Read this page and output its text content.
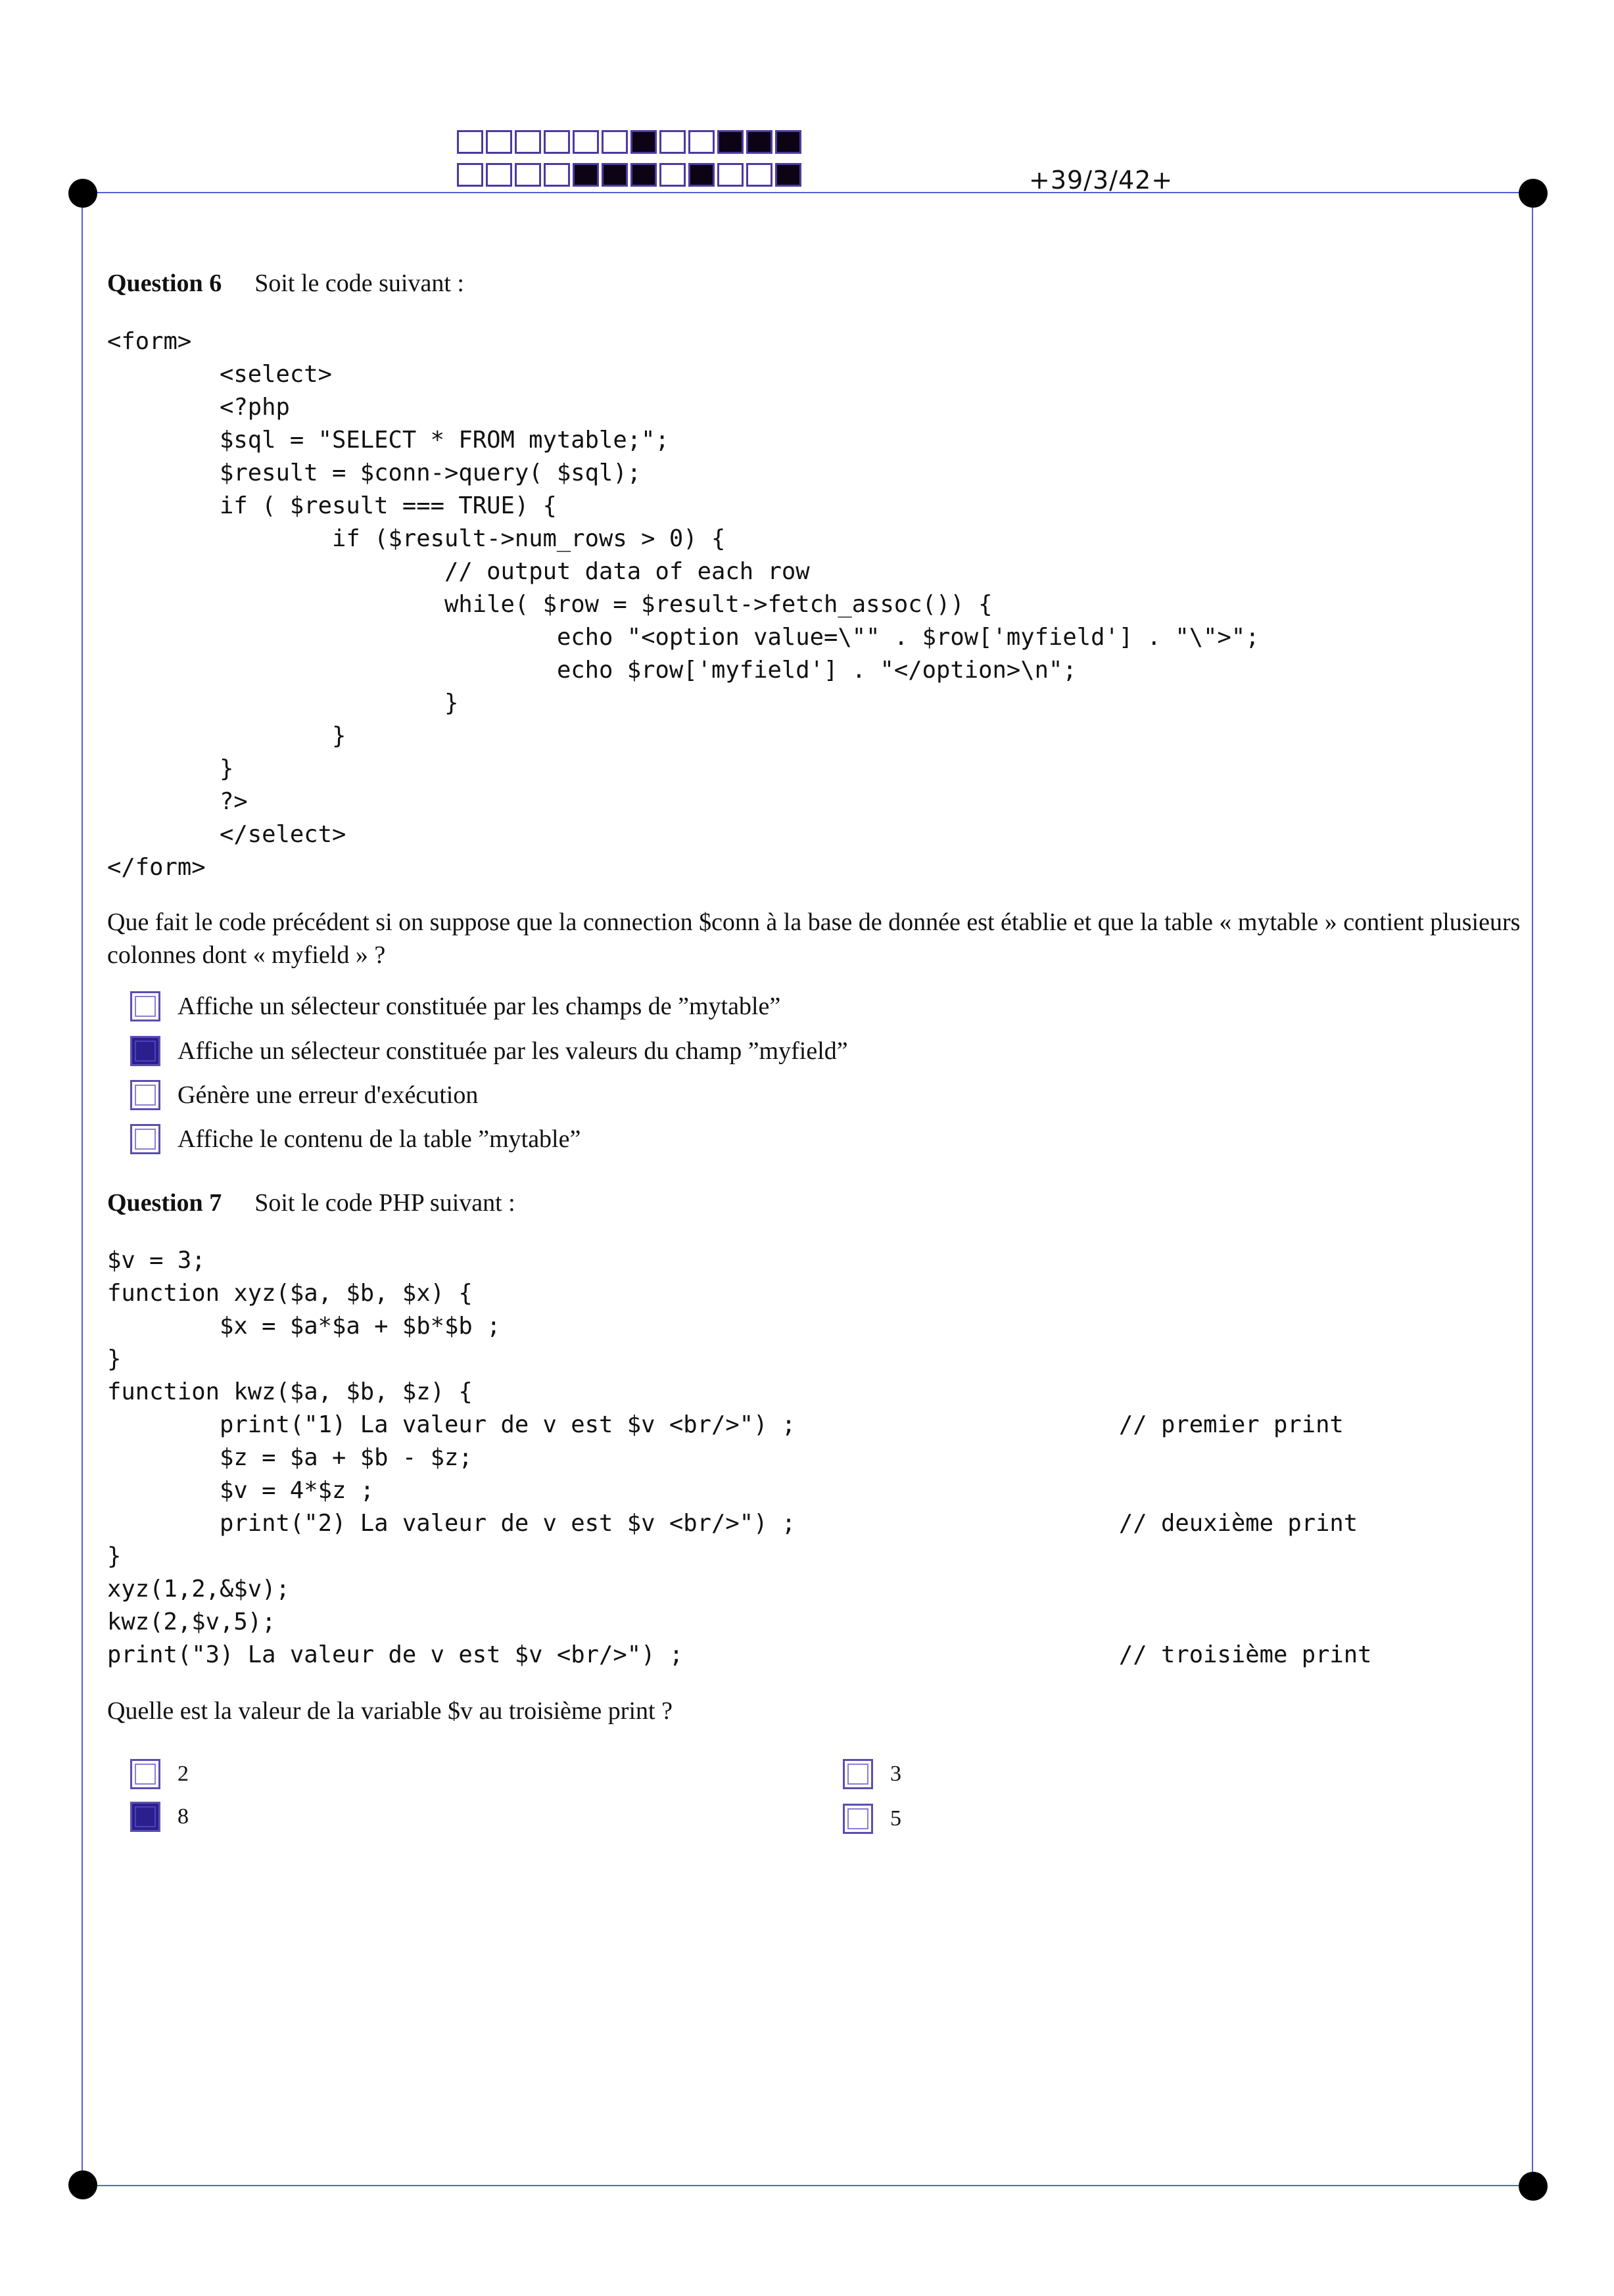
+39/3/42+
Question 6 Soit le code suivant :
<form>
	<select>
	<?php
	$sql = "SELECT * FROM mytable;";
	$result = $conn->query( $sql);
	if ( $result === TRUE) {
		if ($result->num_rows > 0) {
			// output data of each row
			while( $row = $result->fetch_assoc()) {
				echo "<option value=\"" . $row['myfield'] . "\">";
				echo $row['myfield'] . "</option>\n";
			}
		}
	}
	?>
	</select>
</form>
Que fait le code précédent si on suppose que la connection $conn à la base de donnée est établie et que la table « mytable » contient plusieurs colonnes dont « myfield » ?
Affiche un sélecteur constituée par les champs de ”mytable”
Affiche un sélecteur constituée par les valeurs du champ ”myfield”
Génère une erreur d'exécution
Affiche le contenu de la table ”mytable”
Question 7 Soit le code PHP suivant :
$v = 3;
function xyz($a, $b, $x) {
	$x = $a*$a + $b*$b ;
}
function kwz($a, $b, $z) {
	print("1) La valeur de v est $v <br/>") ;			// premier print
	$z = $a + $b - $z;
	$v = 4*$z ;
	print("2) La valeur de v est $v <br/>") ;			// deuxième print
}
xyz(1,2,&$v);
kwz(2,$v,5);
print("3) La valeur de v est $v <br/>") ;				// troisième print
Quelle est la valeur de la variable $v au troisième print ?
2	3
8	5
